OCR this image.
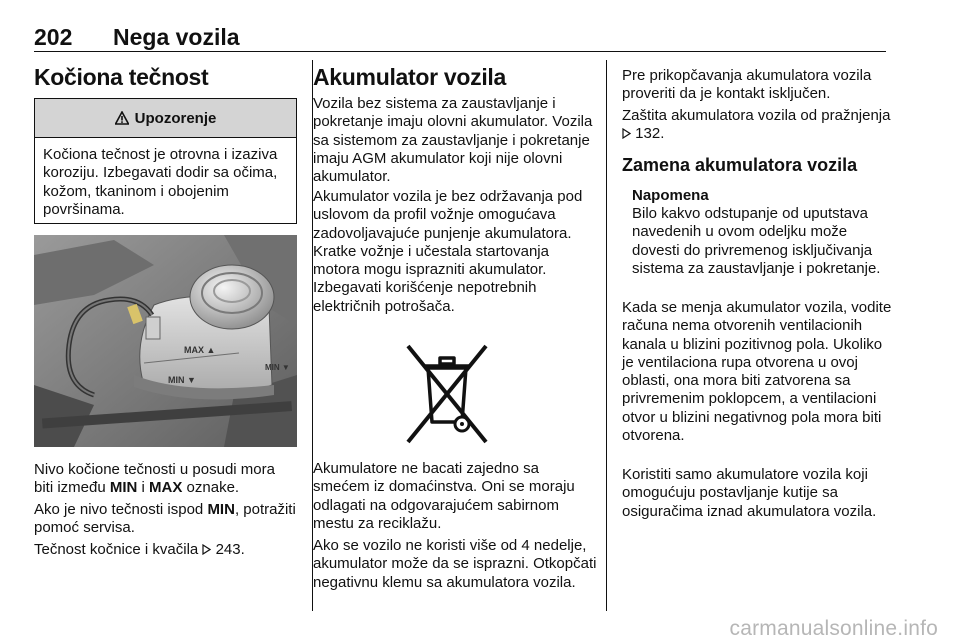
202 Nega vozila
Kočiona tečnost
Upozorenje

Kočiona tečnost je otrovna i izaziva koroziju. Izbegavati dodir sa očima, kožom, tkaninom i obojenim površinama.

MAX ▲
MIN ▼
MIN ▼

Nivo kočione tečnosti u posudi mora biti između MIN i MAX oznake.

Ako je nivo tečnosti ispod MIN, potražiti pomoć servisa.

Tečnost kočnice i kvačila  243.

Akumulator vozila

Vozila bez sistema za zaustavljanje i pokretanje imaju olovni akumulator. Vozila sa sistemom za zaustavljanje i pokretanje imaju AGM akumulator koji nije olovni akumulator.

Akumulator vozila je bez održavanja pod uslovom da profil vožnje omogućava zadovoljavajuće punjenje akumulatora. Kratke vožnje i učestala startovanja motora mogu isprazniti akumulator. Izbegavati korišćenje nepotrebnih električnih potrošača.

Akumulatore ne bacati zajedno sa smećem iz domaćinstva. Oni se moraju odlagati na odgovarajućem sabirnom mestu za reciklažu.

Ako se vozilo ne koristi više od 4 nedelje, akumulator može da se isprazni. Otkopčati negativnu klemu sa akumulatora vozila.

Pre prikopčavanja akumulatora vozila proveriti da je kontakt isključen.

Zaštita akumulatora vozila od pražnjenja  132.

Zamena akumulatora vozila
Napomena

Bilo kakvo odstupanje od uputstava navedenih u ovom odeljku može dovesti do privremenog isključivanja sistema za zaustavljanje i pokretanje.

Kada se menja akumulator vozila, vodite računa nema otvorenih ventilacionih kanala u blizini pozitivnog pola. Ukoliko je ventilaciona rupa otvorena u ovoj oblasti, ona mora biti zatvorena sa privremenim poklopcem, a ventilacioni otvor u blizini negativnog pola mora biti otvorena.

Koristiti samo akumulatore vozila koji omogućuju postavljanje kutije sa osiguračima iznad akumulatora vozila.

carmanualsonline.info
